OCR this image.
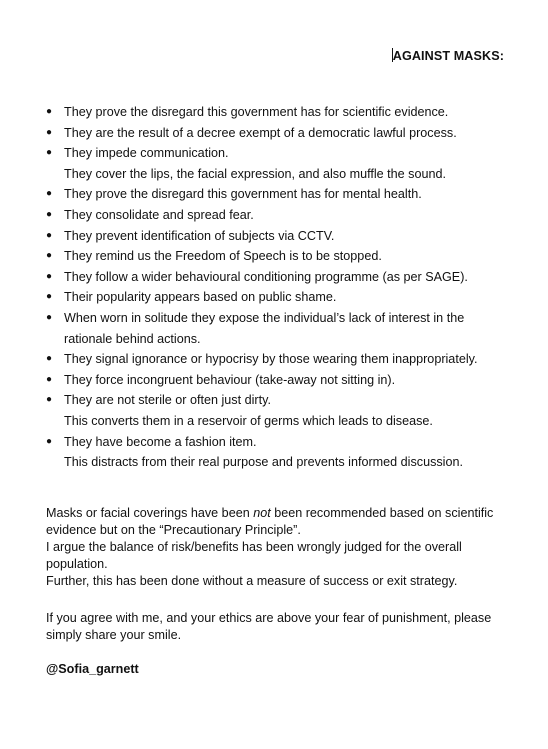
AGAINST MASKS:
● They prove the disregard this government has for scientific evidence.
● They are the result of a decree exempt of a democratic lawful process.
● They impede communication.
They cover the lips, the facial expression, and also muffle the sound.
● They prove the disregard this government has for mental health.
● They consolidate and spread fear.
● They prevent identification of subjects via CCTV.
● They remind us the Freedom of Speech is to be stopped.
● They follow a wider behavioural conditioning programme (as per SAGE).
● Their popularity appears based on public shame.
● When worn in solitude they expose the individual’s lack of interest in the
rationale behind actions.
● They signal ignorance or hypocrisy by those wearing them inappropriately.
● They force incongruent behaviour (take-away not sitting in).
● They are not sterile or often just dirty.
This converts them in a reservoir of germs which leads to disease.
● They have become a fashion item.
This distracts from their real purpose and prevents informed discussion.

Masks or facial coverings have been not been recommended based on scientific evidence but on the “Precautionary Principle”.
I argue the balance of risk/benefits has been wrongly judged for the overall population.
Further, this has been done without a measure of success or exit strategy.

If you agree with me, and your ethics are above your fear of punishment, please simply share your smile.

@Sofia_garnett
